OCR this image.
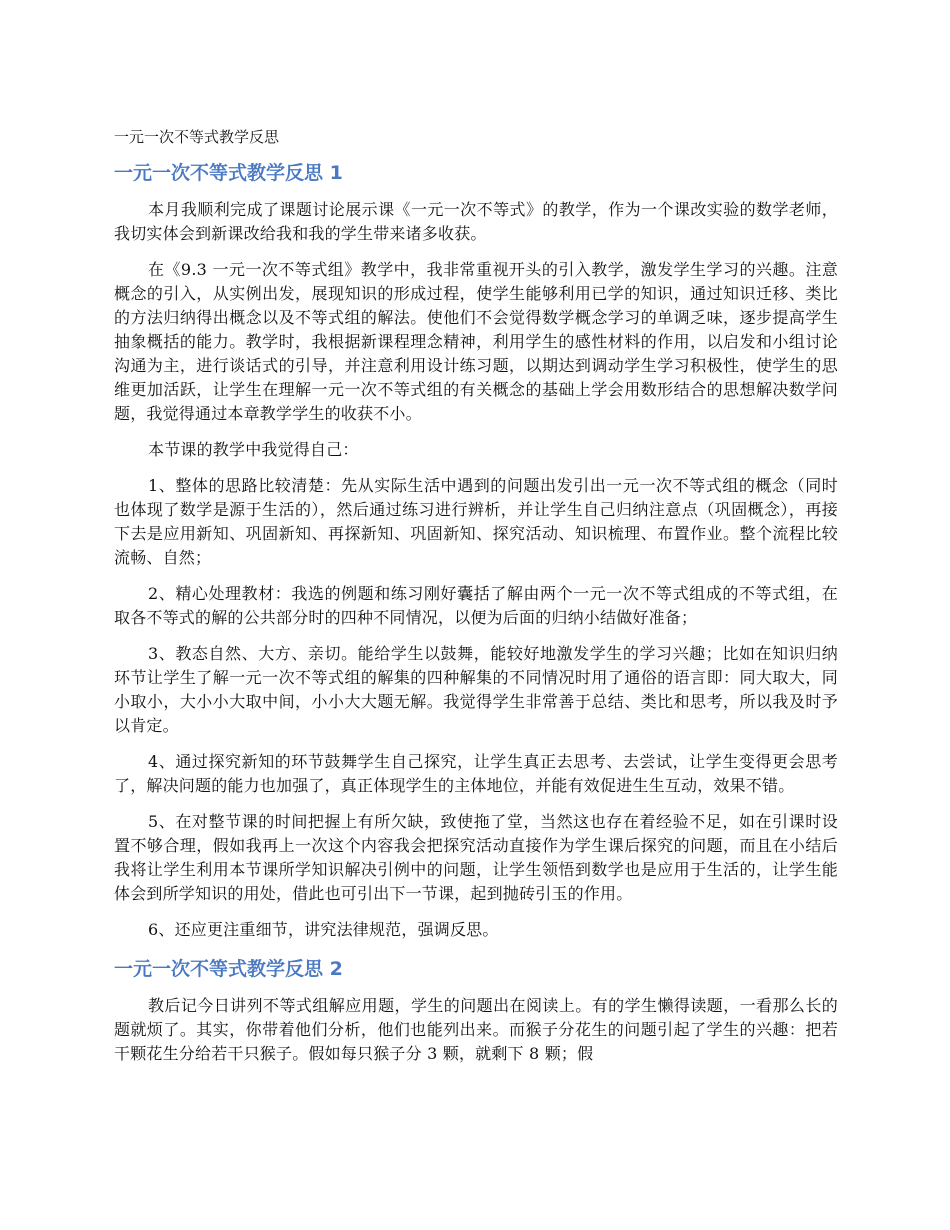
一元一次不等式教学反思
一元一次不等式教学反思 1

本月我顺利完成了课题讨论展示课《一元一次不等式》的教学，作为一个课改实验的数学老师，我切实体会到新课改给我和我的学生带来诸多收获。

在《9.3 一元一次不等式组》教学中，我非常重视开头的引入教学，激发学生学习的兴趣。注意概念的引入，从实例出发，展现知识的形成过程，使学生能够利用已学的知识，通过知识迁移、类比的方法归纳得出概念以及不等式组的解法。使他们不会觉得数学概念学习的单调乏味，逐步提高学生抽象概括的能力。教学时，我根据新课程理念精神，利用学生的感性材料的作用，以启发和小组讨论沟通为主，进行谈话式的引导，并注意利用设计练习题，以期达到调动学生学习积极性，使学生的思维更加活跃，让学生在理解一元一次不等式组的有关概念的基础上学会用数形结合的思想解决数学问题，我觉得通过本章教学学生的收获不小。

本节课的教学中我觉得自己：

1、整体的思路比较清楚：先从实际生活中遇到的问题出发引出一元一次不等式组的概念（同时也体现了数学是源于生活的），然后通过练习进行辨析，并让学生自己归纳注意点（巩固概念），再接下去是应用新知、巩固新知、再探新知、巩固新知、探究活动、知识梳理、布置作业。整个流程比较流畅、自然；

2、精心处理教材：我选的例题和练习刚好囊括了解由两个一元一次不等式组成的不等式组，在取各不等式的解的公共部分时的四种不同情况，以便为后面的归纳小结做好准备；

3、教态自然、大方、亲切。能给学生以鼓舞，能较好地激发学生的学习兴趣；比如在知识归纳环节让学生了解一元一次不等式组的解集的四种解集的不同情况时用了通俗的语言即：同大取大，同小取小，大小小大取中间，小小大大题无解。我觉得学生非常善于总结、类比和思考，所以我及时予以肯定。

4、通过探究新知的环节鼓舞学生自己探究，让学生真正去思考、去尝试，让学生变得更会思考了，解决问题的能力也加强了，真正体现学生的主体地位，并能有效促进生生互动，效果不错。

5、在对整节课的时间把握上有所欠缺，致使拖了堂，当然这也存在着经验不足，如在引课时设置不够合理，假如我再上一次这个内容我会把探究活动直接作为学生课后探究的问题，而且在小结后我将让学生利用本节课所学知识解决引例中的问题，让学生领悟到数学也是应用于生活的，让学生能体会到所学知识的用处，借此也可引出下一节课，起到抛砖引玉的作用。

6、还应更注重细节，讲究法律规范，强调反思。

一元一次不等式教学反思 2

教后记今日讲列不等式组解应用题，学生的问题出在阅读上。有的学生懒得读题，一看那么长的题就烦了。其实，你带着他们分析，他们也能列出来。而猴子分花生的问题引起了学生的兴趣：把若干颗花生分给若干只猴子。假如每只猴子分 3 颗，就剩下 8 颗；假
